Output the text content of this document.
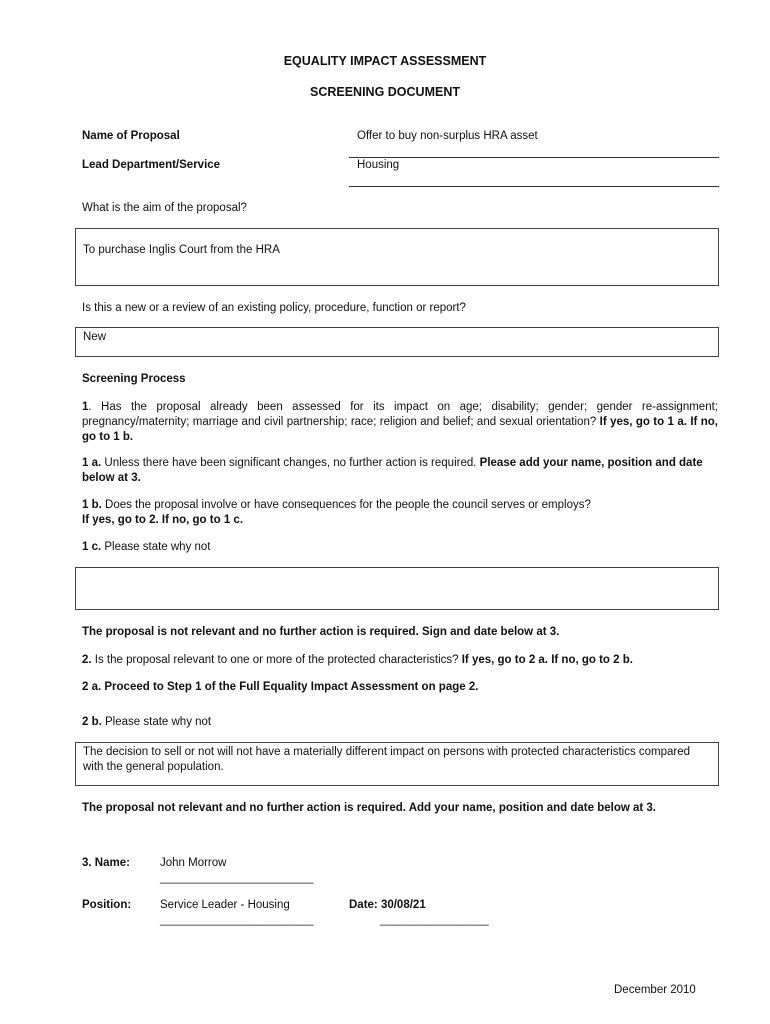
EQUALITY IMPACT ASSESSMENT
SCREENING DOCUMENT
Name of Proposal	Offer to buy non-surplus HRA asset
Lead Department/Service	Housing
What is the aim of the proposal?
To purchase Inglis Court from the HRA
Is this a new or a review of an existing policy, procedure, function or report?
New
Screening Process
1. Has the proposal already been assessed for its impact on age; disability; gender; gender re-assignment; pregnancy/maternity; marriage and civil partnership; race; religion and belief; and sexual orientation? If yes, go to 1 a. If no, go to 1 b.
1 a. Unless there have been significant changes, no further action is required. Please add your name, position and date below at 3.
1 b. Does the proposal involve or have consequences for the people the council serves or employs?
If yes, go to 2. If no, go to 1 c.
1 c. Please state why not
The proposal is not relevant and no further action is required. Sign and date below at 3.
2. Is the proposal relevant to one or more of the protected characteristics? If yes, go to 2 a. If no, go to 2 b.
2 a. Proceed to Step 1 of the Full Equality Impact Assessment on page 2.
2 b. Please state why not
The decision to sell or not will not have a materially different impact on persons with protected characteristics compared with the general population.
The proposal not relevant and no further action is required. Add your name, position and date below at 3.
3. Name:	John Morrow
________________________
Position:	Service Leader - Housing
________________________
Date: 30/08/21
_________________
December 2010
